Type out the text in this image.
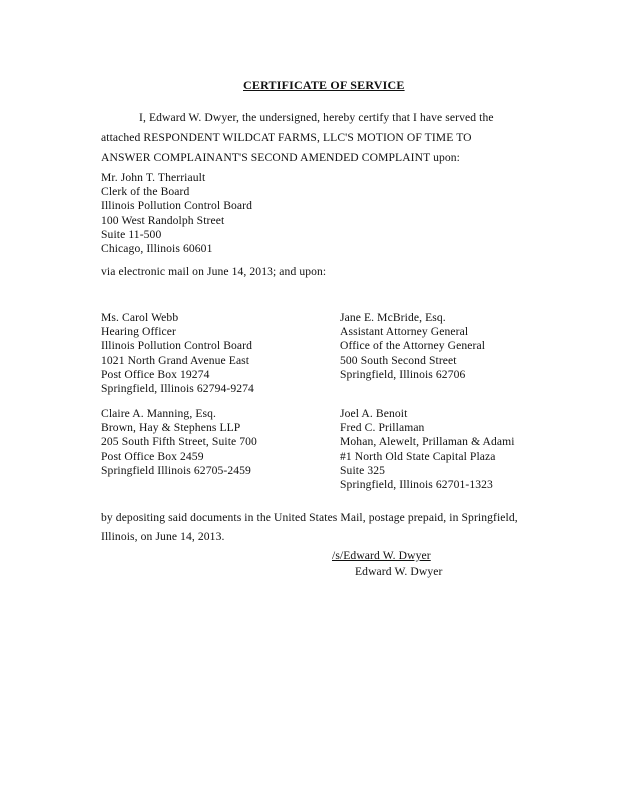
CERTIFICATE OF SERVICE
I, Edward W. Dwyer, the undersigned, hereby certify that I have served the
attached RESPONDENT WILDCAT FARMS, LLC'S MOTION OF TIME TO
ANSWER COMPLAINANT'S SECOND AMENDED COMPLAINT upon:
Mr. John T. Therriault
Clerk of the Board
Illinois Pollution Control Board
100 West Randolph Street
Suite 11-500
Chicago, Illinois 60601
via electronic mail on June 14, 2013; and upon:
Ms. Carol Webb
Hearing Officer
Illinois Pollution Control Board
1021 North Grand Avenue East
Post Office Box 19274
Springfield, Illinois 62794-9274
Jane E. McBride, Esq.
Assistant Attorney General
Office of the Attorney General
500 South Second Street
Springfield, Illinois 62706
Claire A. Manning, Esq.
Brown, Hay & Stephens LLP
205 South Fifth Street, Suite 700
Post Office Box 2459
Springfield Illinois 62705-2459
Joel A. Benoit
Fred C. Prillaman
Mohan, Alewelt, Prillaman & Adami
#1 North Old State Capital Plaza
Suite 325
Springfield, Illinois 62701-1323
by depositing said documents in the United States Mail, postage prepaid, in Springfield,
Illinois, on June 14, 2013.
/s/Edward W. Dwyer
Edward W. Dwyer
